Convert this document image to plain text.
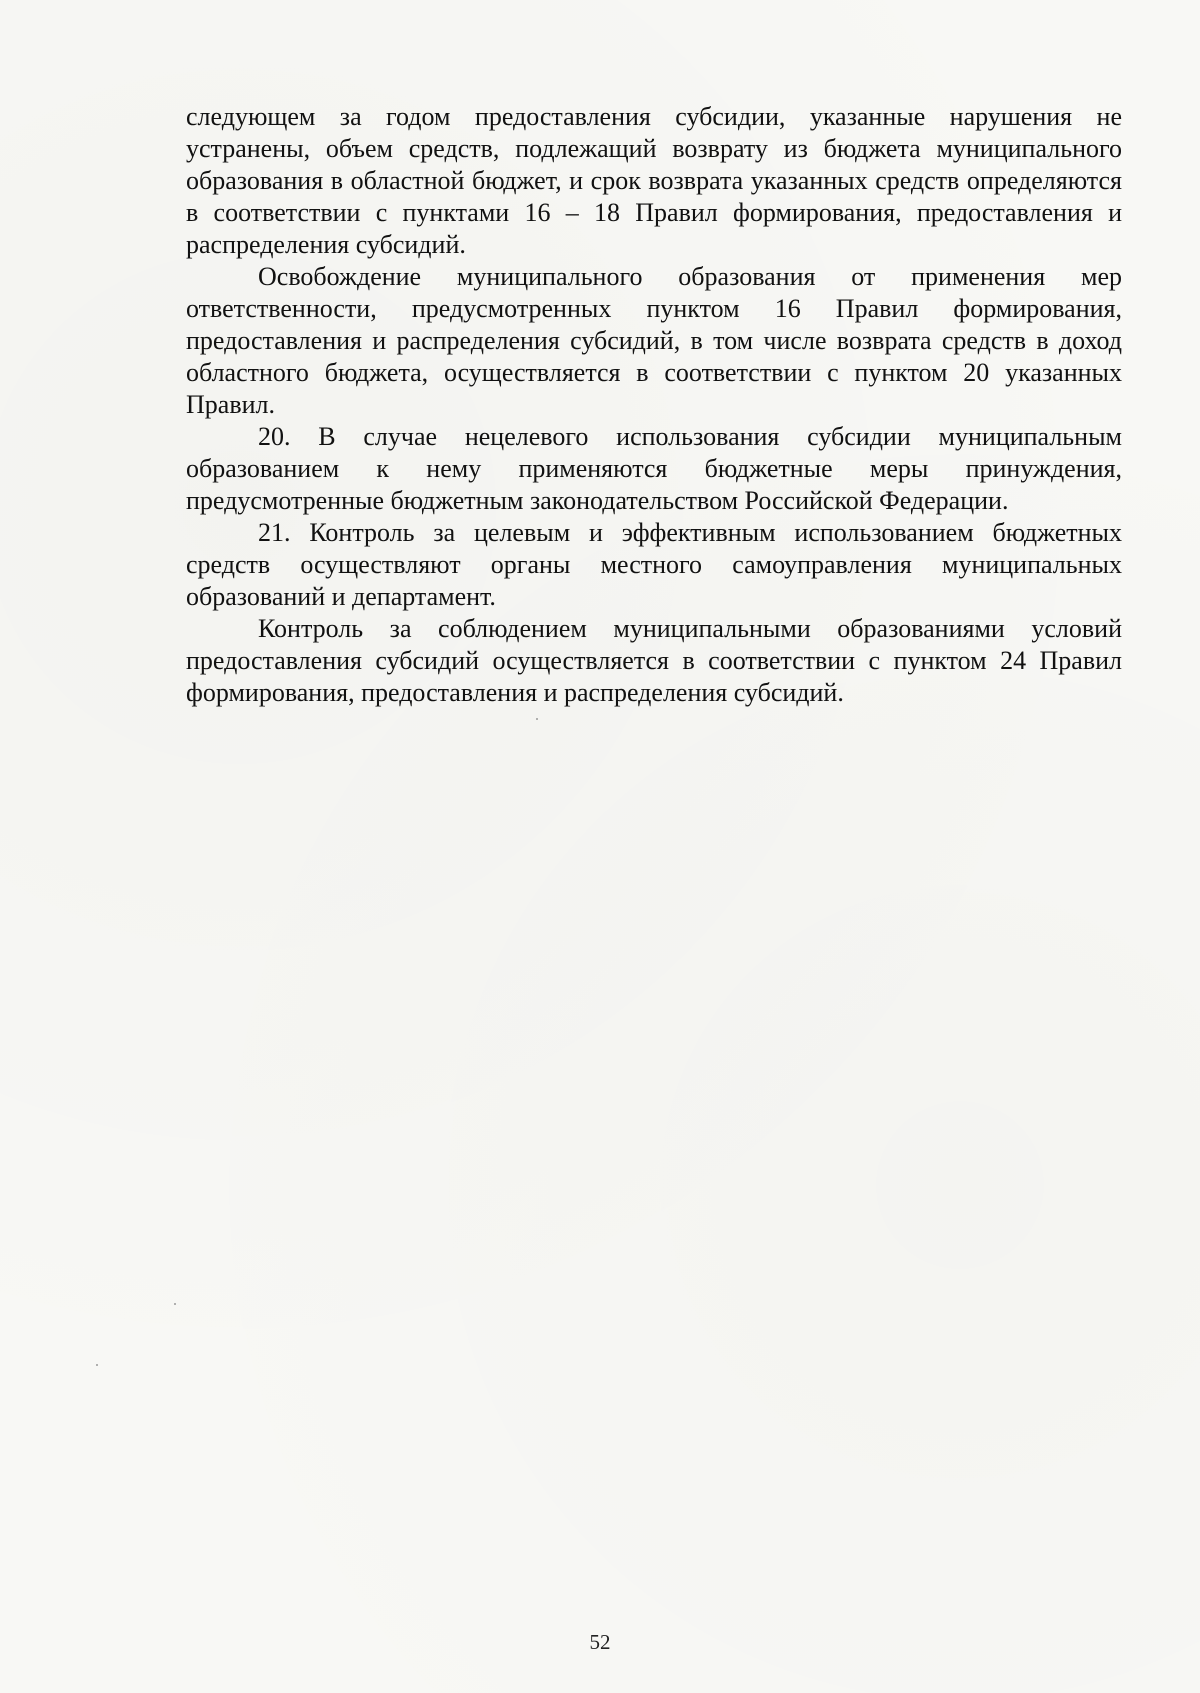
следующем за годом предоставления субсидии, указанные нарушения не устранены, объем средств, подлежащий возврату из бюджета муниципального образования в областной бюджет, и срок возврата указанных средств определяются в соответствии с пунктами 16 – 18 Правил формирования, предоставления и распределения субсидий.

Освобождение муниципального образования от применения мер ответственности, предусмотренных пунктом 16 Правил формирования, предоставления и распределения субсидий, в том числе возврата средств в доход областного бюджета, осуществляется в соответствии с пунктом 20 указанных Правил.

20. В случае нецелевого использования субсидии муниципальным образованием к нему применяются бюджетные меры принуждения, предусмотренные бюджетным законодательством Российской Федерации.

21. Контроль за целевым и эффективным использованием бюджетных средств осуществляют органы местного самоуправления муниципальных образований и департамент.

Контроль за соблюдением муниципальными образованиями условий предоставления субсидий осуществляется в соответствии с пунктом 24 Правил формирования, предоставления и распределения субсидий.

52
